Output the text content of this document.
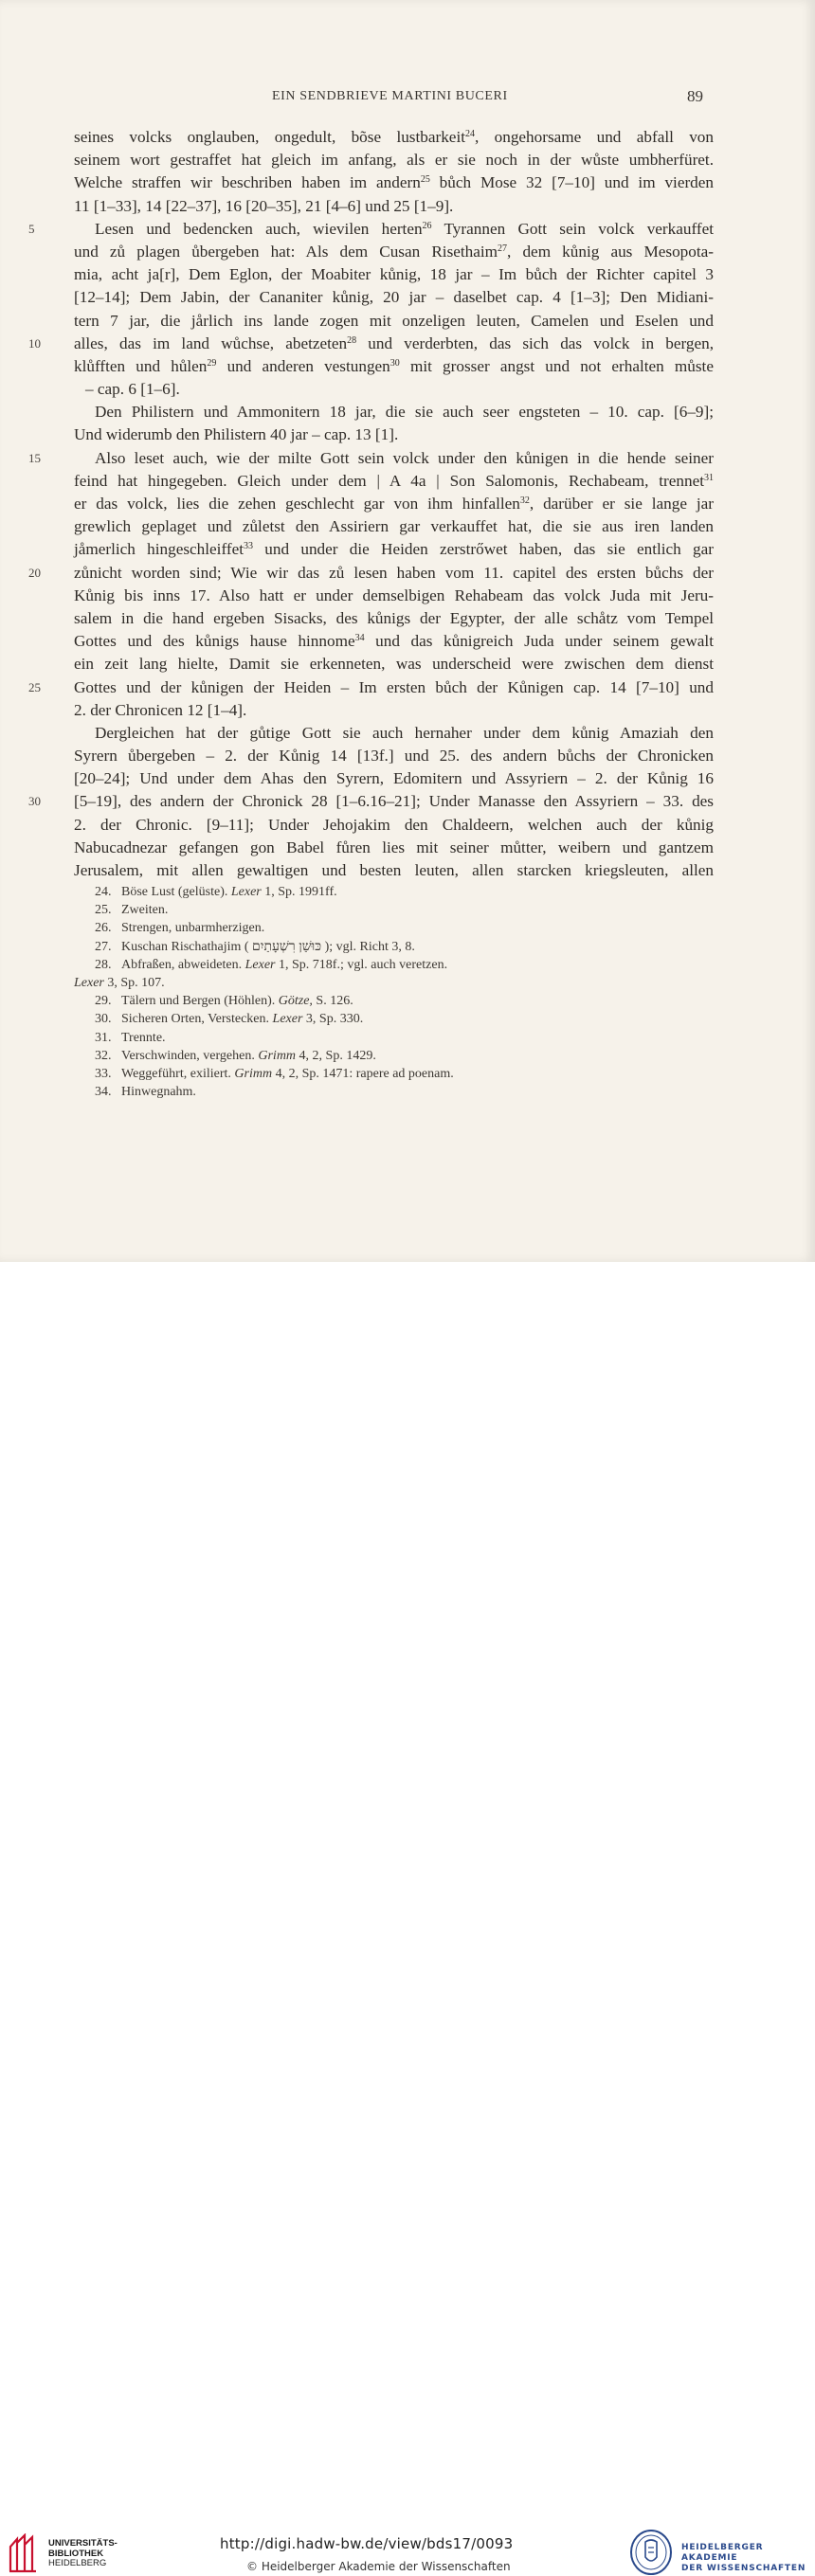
EIN SENDBRIEVE MARTINI BUCERI	89
seines volcks onglauben, ongedult, bõse lustbarkeit$^{24}$, ongehorsame und abfall von
seinem wort gestraffet hat gleich im anfang, als er sie noch in der wůste umbherfüret.
Welche straffen wir beschriben haben im andern$^{25}$ bůch Mose 32 [7–10] und im vierden
11 [1–33], 14 [22–37], 16 [20–35], 21 [4–6] und 25 [1–9].
5	Lesen und bedencken auch, wievilen herten$^{26}$ Tyrannen Gott sein volck verkauffet
und zů plagen ůbergeben hat: Als dem Cusan Risethaim$^{27}$, dem kůnig aus Mesopota-
mia, acht ja[r], Dem Eglon, der Moabiter kůnig, 18 jar – Im bůch der Richter capitel 3
[12–14]; Dem Jabin, der Cananiter kůnig, 20 jar – daselbet cap. 4 [1–3]; Den Midiani-
tern 7 jar, die jårlich ins lande zogen mit onzeligen leuten, Camelen und Eselen und
10 alles, das im land wůchse, abetzeten$^{28}$ und verderbten, das sich das volck in bergen,
klůfften und hůlen$^{29}$ und anderen vestungen$^{30}$ mit grosser angst und not erhalten můste
– cap. 6 [1–6].
Den Philistern und Ammonitern 18 jar, die sie auch seer engsteten – 10. cap. [6–9];
Und widerumb den Philistern 40 jar – cap. 13 [1].
15	Also leset auch, wie der milte Gott sein volck under den kůnigen in die hende seiner
feind hat hingegeben. Gleich under dem | A 4a | Son Salomonis, Rechabeam, trennet$^{31}$
er das volck, lies die zehen geschlecht gar von ihm hinfallen$^{32}$, darüber er sie lange jar
grewlich geplaget und zůletst den Assiriern gar verkauffet hat, die sie aus iren landen
jåmerlich hingeschleiffet$^{33}$ und under die Heiden zerstrőwet haben, das sie entlich gar
20 zůnicht worden sind; Wie wir das zů lesen haben vom 11. capitel des ersten bůchs der
Kůnig bis inns 17. Also hatt er under demselbigen Rehabeam das volck Juda mit Jeru-
salem in die hand ergeben Sisacks, des kůnigs der Egypter, der alle schåtz vom Tempel
Gottes und des kůnigs hause hinnome$^{34}$ und das kůnigreich Juda under seinem gewalt
ein zeit lang hielte, Damit sie erkenneten, was underscheid were zwischen dem dienst
25 Gottes und der kůnigen der Heiden – Im ersten bůch der Kůnigen cap. 14 [7–10] und
2. der Chronicen 12 [1–4].
Dergleichen hat der gůtige Gott sie auch hernaher under dem kůnig Amaziah den
Syrern ůbergeben – 2. der Kůnig 14 [13f.] und 25. des andern bůchs der Chronicken
[20–24]; Und under dem Ahas den Syrern, Edomitern und Assyriern – 2. der Kůnig 16
30 [5–19], des andern der Chronick 28 [1–6.16–21]; Under Manasse den Assyriern – 33. des
2. der Chronic. [9–11]; Under Jehojakim den Chaldeern, welchen auch der kůnig
Nabucadnezar gefangen gon Babel fůren lies mit seiner můtter, weibern und gantzem
Jerusalem, mit allen gewaltigen und besten leuten, allen starcken kriegsleuten, allen
24. Böse Lust (gelüste). Lexer 1, Sp. 1991ff.
25. Zweiten.
26. Strengen, unbarmherzigen.
27. Kuschan Rischathajim ( כּוּשַׁן רִשְׁעָתַיִם ); vgl. Richt 3, 8.
28. Abfraßen, abweideten. Lexer 1, Sp. 718f.; vgl. auch veretzen.
Lexer 3, Sp. 107.
29. Tälern und Bergen (Höhlen). Götze, S. 126.
30. Sicheren Orten, Verstecken. Lexer 3, Sp. 330.
31. Trennte.
32. Verschwinden, vergehen. Grimm 4, 2, Sp. 1429.
33. Weggeführt, exiliert. Grimm 4, 2, Sp. 1471: rapere ad poenam.
34. Hinwegnahm.
UNIVERSITÄTS-
BIBLIOTHEK
HEIDELBERG
http://digi.hadw-bw.de/view/bds17/0093
© Heidelberger Akademie der Wissenschaften
HEIDELBERGER AKADEMIE
DER WISSENSCHAFTEN
